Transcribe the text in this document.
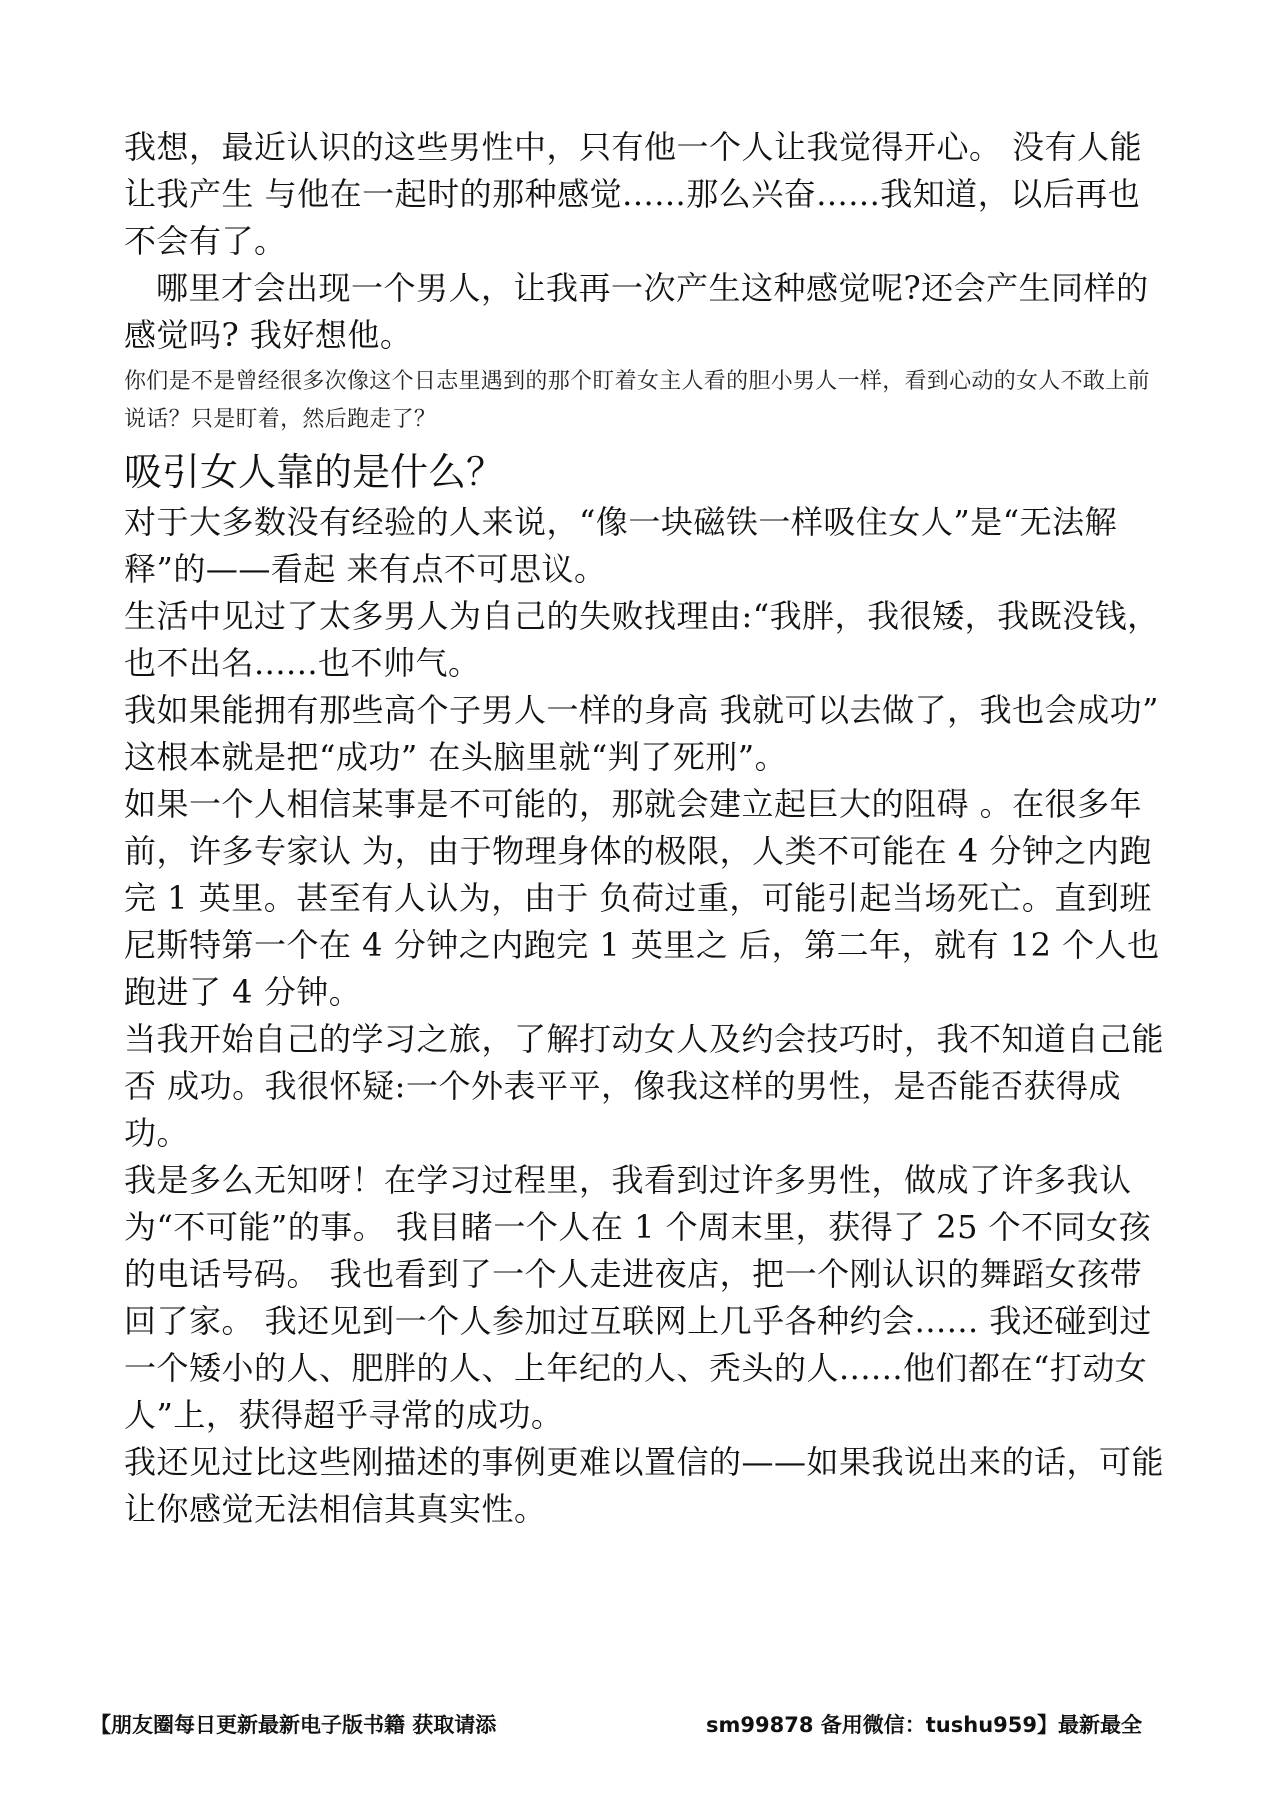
我想，最近认识的这些男性中，只有他一个人让我觉得开心。 没有人能让我产生 与他在一起时的那种感觉......那么兴奋......我知道，以后再也不会有了。

哪里才会出现一个男人，让我再一次产生这种感觉呢?还会产生同样的感觉吗? 我好想他。

你们是不是曾经很多次像这个日志里遇到的那个盯着女主人看的胆小男人一样，看到心动的女人不敢上前说话？只是盯着，然后跑走了？

吸引女人靠的是什么？

对于大多数没有经验的人来说，“像一块磁铁一样吸住女人”是“无法解释”的——看起 来有点不可思议。

生活中见过了太多男人为自己的失败找理由:“我胖，我很矮，我既没钱，也不出名......也不帅气。

我如果能拥有那些高个子男人一样的身高 我就可以去做了，我也会成功” 这根本就是把“成功” 在头脑里就“判了死刑”。

如果一个人相信某事是不可能的，那就会建立起巨大的阻碍 。在很多年前，许多专家认 为，由于物理身体的极限，人类不可能在 4 分钟之内跑完 1 英里。甚至有人认为，由于 负荷过重，可能引起当场死亡。直到班尼斯特第一个在 4 分钟之内跑完 1 英里之 后，第二年，就有 12 个人也跑进了 4 分钟。

当我开始自己的学习之旅，了解打动女人及约会技巧时，我不知道自己能否 成功。我很怀疑:一个外表平平，像我这样的男性，是否能否获得成功。

我是多么无知呀！在学习过程里，我看到过许多男性，做成了许多我认为“不可能”的事。 我目睹一个人在 1 个周末里，获得了 25 个不同女孩的电话号码。 我也看到了一个人走进夜店，把一个刚认识的舞蹈女孩带回了家。 我还见到一个人参加过互联网上几乎各种约会...... 我还碰到过一个矮小的人、肥胖的人、上年纪的人、秃头的人......他们都在“打动女人”上，获得超乎寻常的成功。

我还见过比这些刚描述的事例更难以置信的——如果我说出来的话，可能让你感觉无法相信其真实性。

【朋友圈每日更新最新电子版书籍 获取请添	sm99878 备用微信：tushu959】最新最全
